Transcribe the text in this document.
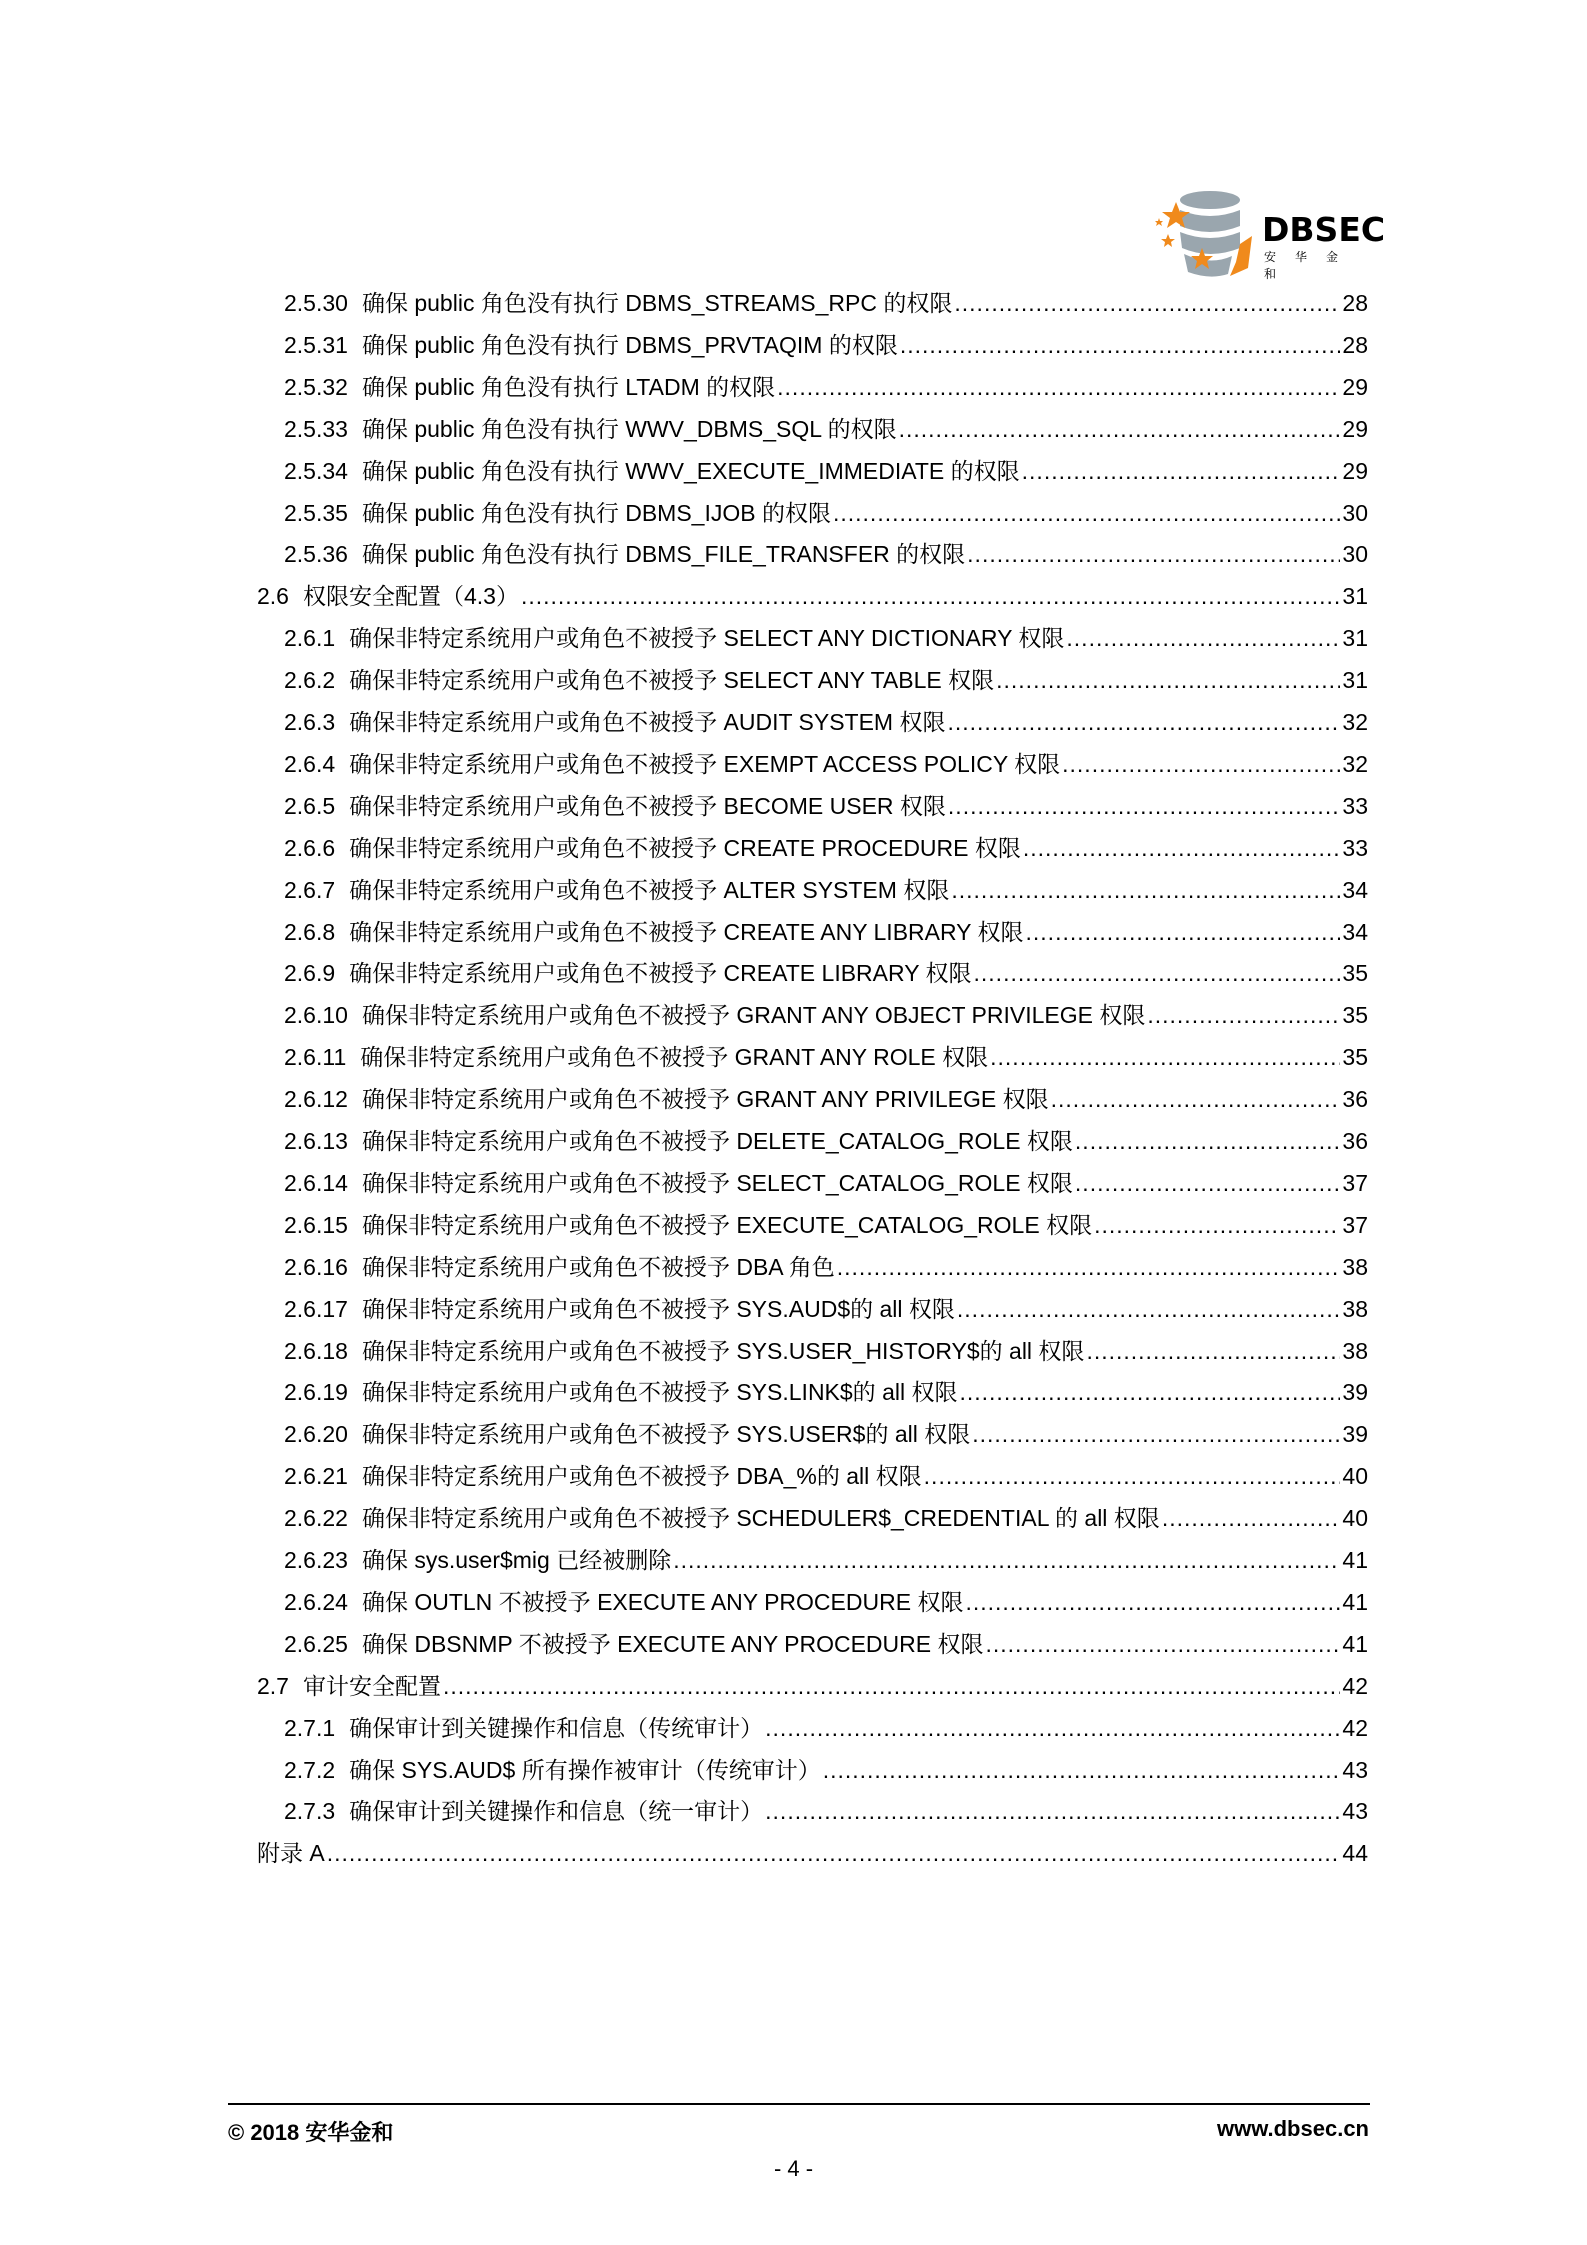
DBSEC
安华金和
2.5.30 确保 public 角色没有执行 DBMS_STREAMS_RPC 的权限 .....	28
2.5.31 确保 public 角色没有执行 DBMS_PRVTAQIM 的权限 .....	28
2.5.32 确保 public 角色没有执行 LTADM 的权限 .....	29
2.5.33 确保 public 角色没有执行 WWV_DBMS_SQL 的权限 .....	29
2.5.34 确保 public 角色没有执行 WWV_EXECUTE_IMMEDIATE 的权限 .....	29
2.5.35 确保 public 角色没有执行 DBMS_IJOB 的权限 .....	30
2.5.36 确保 public 角色没有执行 DBMS_FILE_TRANSFER 的权限 .....	30
2.6 权限安全配置（4.3） .....	31
2.6.1 确保非特定系统用户或角色不被授予 SELECT ANY DICTIONARY 权限 .....	31
2.6.2 确保非特定系统用户或角色不被授予 SELECT ANY TABLE 权限 .....	31
2.6.3 确保非特定系统用户或角色不被授予 AUDIT SYSTEM 权限 .....	32
2.6.4 确保非特定系统用户或角色不被授予 EXEMPT ACCESS POLICY 权限 .....	32
2.6.5 确保非特定系统用户或角色不被授予 BECOME USER 权限 .....	33
2.6.6 确保非特定系统用户或角色不被授予 CREATE PROCEDURE 权限 .....	33
2.6.7 确保非特定系统用户或角色不被授予 ALTER SYSTEM 权限 .....	34
2.6.8 确保非特定系统用户或角色不被授予 CREATE ANY LIBRARY 权限 .....	34
2.6.9 确保非特定系统用户或角色不被授予 CREATE LIBRARY 权限 .....	35
2.6.10 确保非特定系统用户或角色不被授予 GRANT ANY OBJECT PRIVILEGE 权限 .....	35
2.6.11 确保非特定系统用户或角色不被授予 GRANT ANY ROLE 权限 .....	35
2.6.12 确保非特定系统用户或角色不被授予 GRANT ANY PRIVILEGE 权限 .....	36
2.6.13 确保非特定系统用户或角色不被授予 DELETE_CATALOG_ROLE 权限 .....	36
2.6.14 确保非特定系统用户或角色不被授予 SELECT_CATALOG_ROLE 权限 .....	37
2.6.15 确保非特定系统用户或角色不被授予 EXECUTE_CATALOG_ROLE 权限 .....	37
2.6.16 确保非特定系统用户或角色不被授予 DBA 角色 .....	38
2.6.17 确保非特定系统用户或角色不被授予 SYS.AUD$的 all 权限 .....	38
2.6.18 确保非特定系统用户或角色不被授予 SYS.USER_HISTORY$的 all 权限 .....	38
2.6.19 确保非特定系统用户或角色不被授予 SYS.LINK$的 all 权限 .....	39
2.6.20 确保非特定系统用户或角色不被授予 SYS.USER$的 all 权限 .....	39
2.6.21 确保非特定系统用户或角色不被授予 DBA_%的 all 权限 .....	40
2.6.22 确保非特定系统用户或角色不被授予 SCHEDULER$_CREDENTIAL 的 all 权限 .....	40
2.6.23 确保 sys.user$mig 已经被删除 .....	41
2.6.24 确保 OUTLN 不被授予 EXECUTE ANY PROCEDURE 权限 .....	41
2.6.25 确保 DBSNMP 不被授予 EXECUTE ANY PROCEDURE 权限 .....	41
2.7 审计安全配置 .....	42
2.7.1 确保审计到关键操作和信息（传统审计） .....	42
2.7.2 确保 SYS.AUD$ 所有操作被审计（传统审计） .....	43
2.7.3 确保审计到关键操作和信息（统一审计） .....	43
附录 A .....	44
© 2018 安华金和	www.dbsec.cn
- 4 -
